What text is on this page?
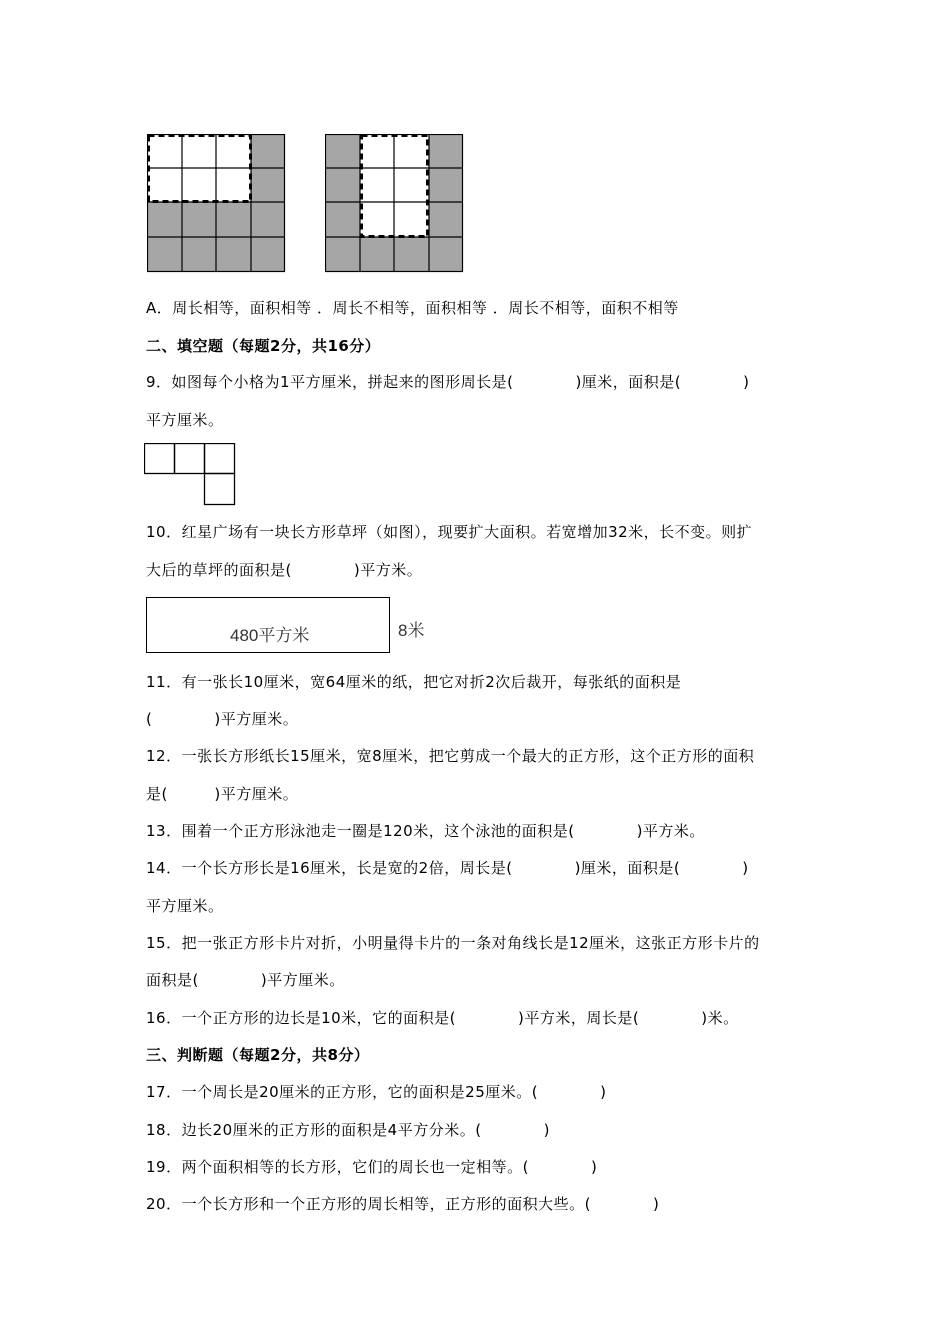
A．周长相等，面积相等 ．周长不相等，面积相等 ．周长不相等，面积不相等
二、填空题（每题2分，共16分）
9．如图每个小格为1平方厘米，拼起来的图形周长是(　　　　)厘米，面积是(　　　　)
平方厘米。
10．红星广场有一块长方形草坪（如图），现要扩大面积。若宽增加32米，长不变。则扩
大后的草坪的面积是(　　　　)平方米。
480平方米	8米
11．有一张长10厘米，宽64厘米的纸，把它对折2次后裁开，每张纸的面积是
(　　　　)平方厘米。
12．一张长方形纸长15厘米，宽8厘米，把它剪成一个最大的正方形，这个正方形的面积
是(　　　)平方厘米。
13．围着一个正方形泳池走一圈是120米，这个泳池的面积是(　　　　)平方米。
14．一个长方形长是16厘米，长是宽的2倍，周长是(　　　　)厘米，面积是(　　　　)
平方厘米。
15．把一张正方形卡片对折，小明量得卡片的一条对角线长是12厘米，这张正方形卡片的
面积是(　　　　)平方厘米。
16．一个正方形的边长是10米，它的面积是(　　　　)平方米，周长是(　　　　)米。
三、判断题（每题2分，共8分）
17．一个周长是20厘米的正方形，它的面积是25厘米。(　　　　)
18．边长20厘米的正方形的面积是4平方分米。(　　　　)
19．两个面积相等的长方形，它们的周长也一定相等。(　　　　)
20．一个长方形和一个正方形的周长相等，正方形的面积大些。(　　　　)
